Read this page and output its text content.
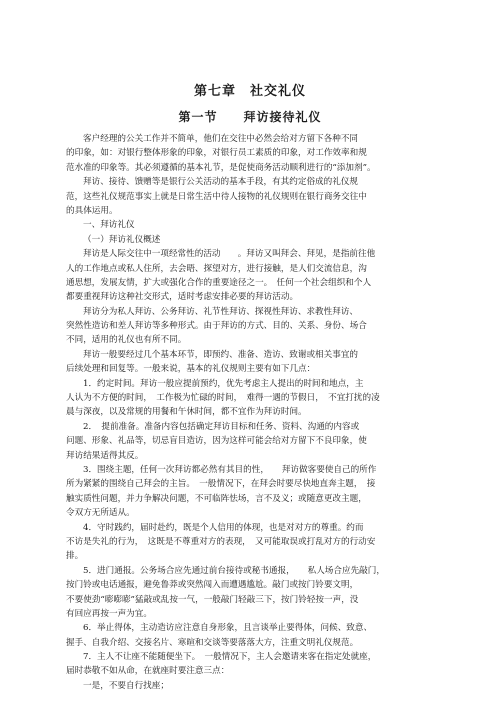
第七章　社交礼仪
第一节　　拜访接待礼仪
客户经理的公关工作并不简单，他们在交往中必然会给对方留下各种不同
的印象，如：对银行整体形象的印象，对银行员工素质的印象，对工作效率和规
范水准的印象等。其必须遵循的基本礼节，是促使商务活动顺利进行的“添加剂”。
拜访、接待、馈赠等是银行公关活动的基本手段，有其约定俗成的礼仪规
范，这些礼仪规范事实上就是日常生活中待人接物的礼仪规则在银行商务交往中
的具体运用。
一、拜访礼仪
（一）拜访礼仪概述
拜访是人际交往中一项经常性的活动　　。拜访又叫拜会、拜见，是指前往他
人的工作地点或私人住所，去会晤、探望对方，进行接触，是人们交流信息，沟
通思想，发展友情，扩大或强化合作的重要途径之一。　任何一个社会组织和个人
都要重视拜访这种社交形式，适时考虑安排必要的拜访活动。
拜访分为私人拜访、公务拜访、礼节性拜访、探视性拜访、求教性拜访、
突然性造访和差人拜访等多种形式。由于拜访的方式、目的、关系、身份、场合
不同，适用的礼仪也有所不同。
拜访一般要经过几个基本环节，即预约、准备、造访、致谢或相关事宜的
后续处理和回复等。一般来说，基本的礼仪规则主要有如下几点：
1．约定时间。拜访一般应提前预约，优先考虑主人提出的时间和地点，主
人认为不方便的时间，　工作极为忙碌的时间，　难得一遇的节假日，　不宜打扰的凌
晨与深夜，以及常规的用餐和午休时间，都不宜作为拜访时间。
2．　提前准备。准备内容包括确定拜访目标和任务、资料、沟通的内容或
问题、形象、礼品等，切忌盲目造访，因为这样可能会给对方留下不良印象，使
拜访结果适得其反。
3．围绕主题，任何一次拜访都必然有其目的性，　　拜访做客要使自己的所作
所为紧紧的围绕自己拜会的主旨。　一般情况下，在拜会时要尽快地直奔主题，　接
触实质性问题，并力争解决问题，不可临阵怯场，言不及义；或随意更改主题，
令双方无所适从。
4．守时践约，届时赴约，既是个人信用的体现，也是对对方的尊重。约而
不访是失礼的行为，　这既是不尊重对方的表现，　又可能取误或打乱对方的行动安
排。
5．进门通报。公务场合应先通过前台接待或秘书通报，　　私人场合应先敲门，
按门铃或电话通报，避免鲁莽或突然闯入而遭遇尴尬。敲门或按门铃要文明，
不要使劲“嘭嘭嘭”猛敲或乱按一气，一般敲门轻敲三下，按门铃轻按一声，没
有回应再按一声为宜。
6．举止得体，主动造访应注意自身形象，且言谈举止要得体，问候、致意、
握手、自我介绍、交接名片、寒暄和交谈等要落落大方，注重文明礼仪规范。
7．主人不让座不能随便坐下。　一般情况下，主人会邀请来客在指定处就座，
届时恭敬不如从命，在就座时要注意三点：
一是，不要自行找座；
